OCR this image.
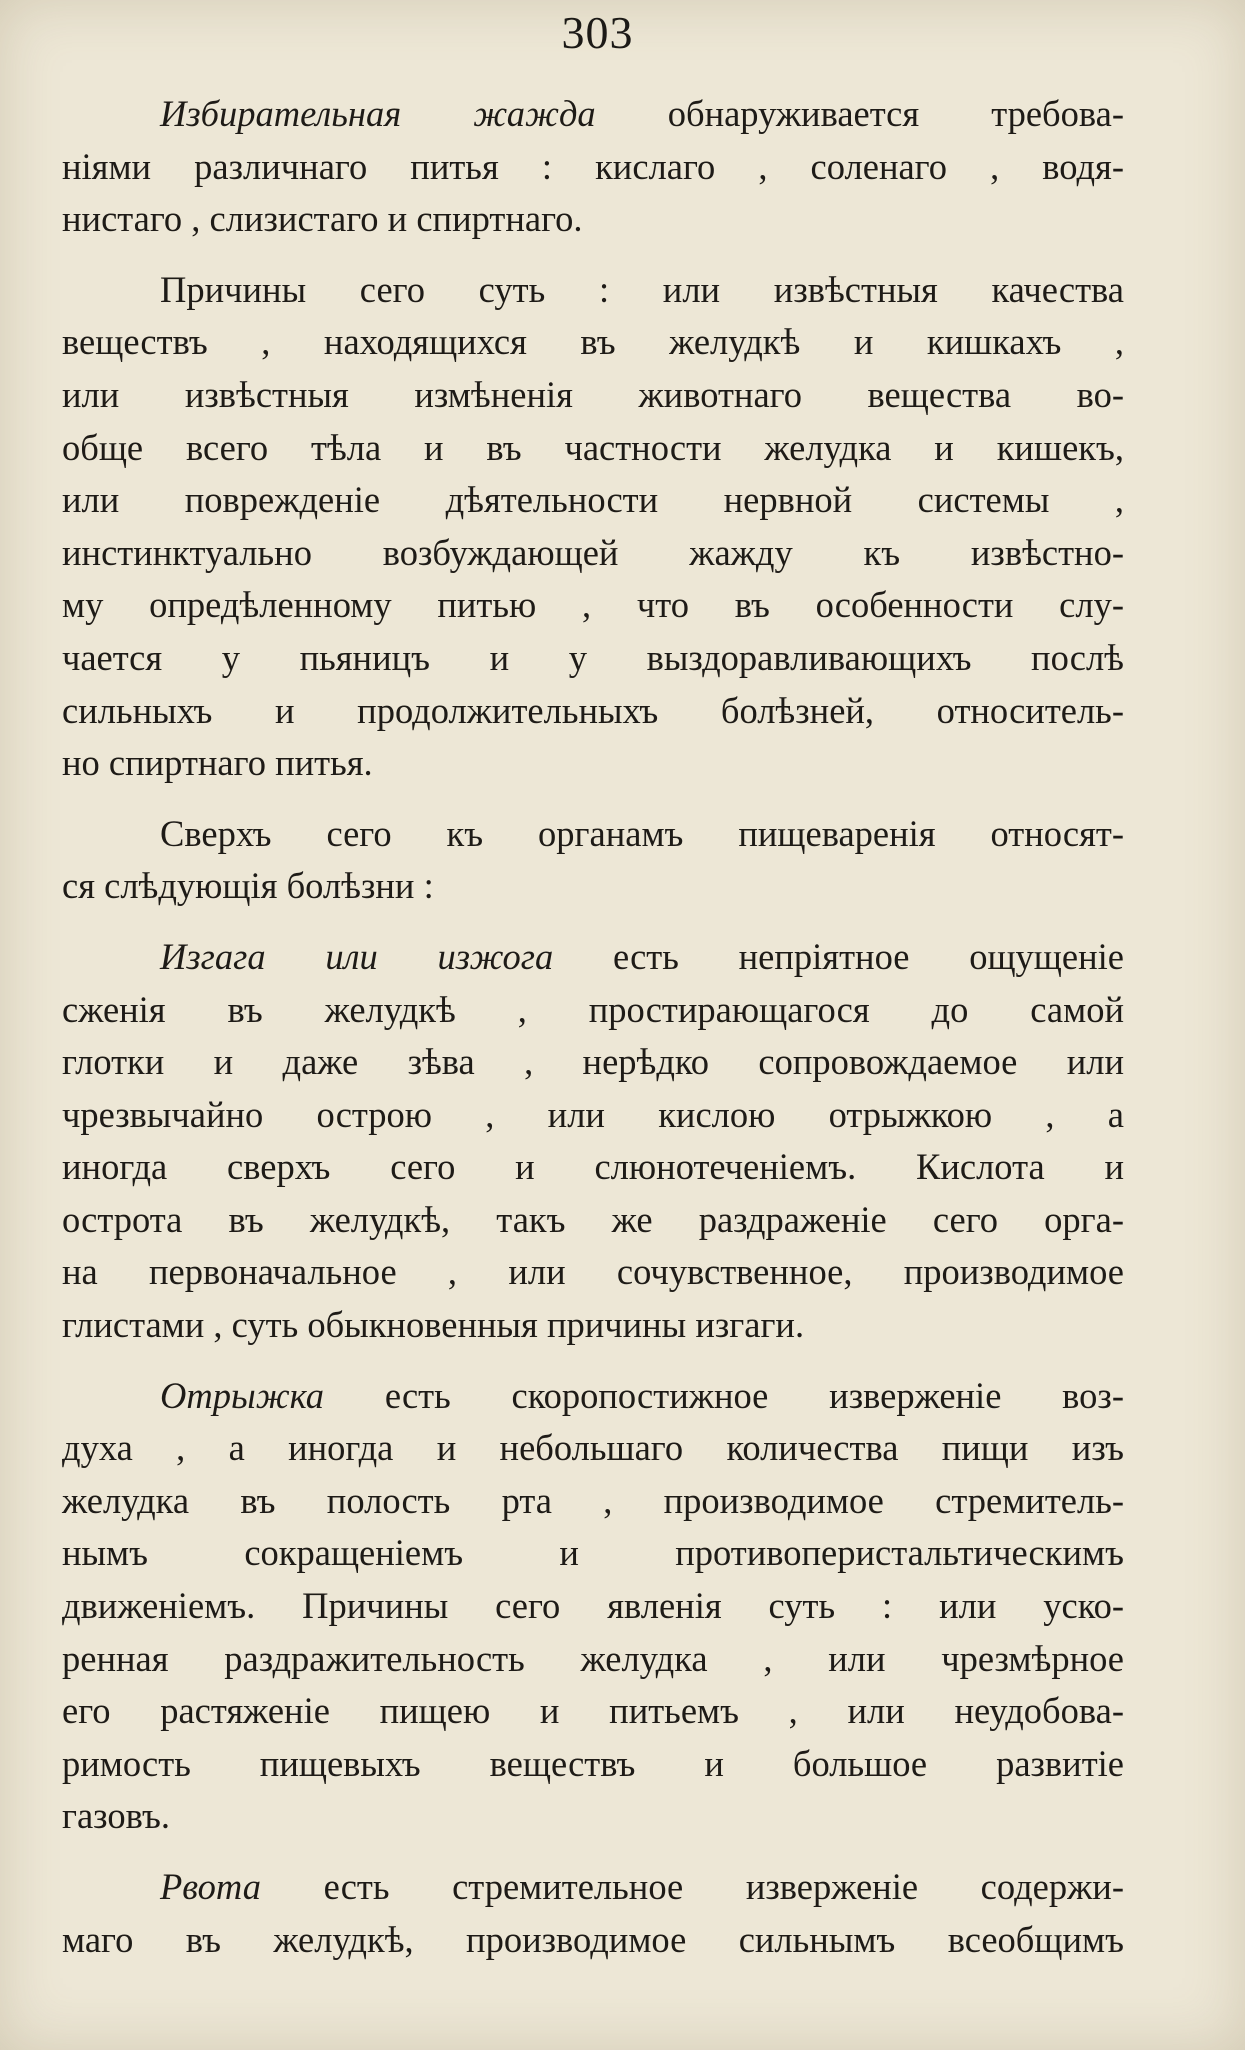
303
Избирательная жажда обнаруживается требова-
ніями различнаго питья : кислаго , соленаго , водя-
нистаго , слизистаго и спиртнаго.
Причины сего суть : или извѣстныя качества
веществъ , находящихся въ желудкѣ и кишкахъ ,
или извѣстныя измѣненія животнаго вещества во-
обще всего тѣла и въ частности желудка и кишекъ,
или поврежденіе дѣятельности нервной системы ,
инстинктуально возбуждающей жажду къ извѣстно-
му опредѣленному питью , что въ особенности слу-
чается у пьяницъ и у выздоравливающихъ послѣ
сильныхъ и продолжительныхъ болѣзней, относитель-
но спиртнаго питья.
Сверхъ сего къ органамъ пищеваренія относят-
ся слѣдующія болѣзни :
Изгага или изжога есть непріятное ощущеніе
сженія въ желудкѣ , простирающагося до самой
глотки и даже зѣва , нерѣдко сопровождаемое или
чрезвычайно острою , или кислою отрыжкою , а
иногда сверхъ сего и слюнотеченіемъ. Кислота и
острота въ желудкѣ, такъ же раздраженіе сего орга-
на первоначальное , или сочувственное, производимое
глистами , суть обыкновенныя причины изгаги.
Отрыжка есть скоропостижное изверженіе воз-
духа , а иногда и небольшаго количества пищи изъ
желудка въ полость рта , производимое стремитель-
нымъ сокращеніемъ и противоперистальтическимъ
движеніемъ. Причины сего явленія суть : или уско-
ренная раздражительность желудка , или чрезмѣрное
его растяженіе пищею и питьемъ , или неудобова-
римость пищевыхъ веществъ и большое развитіе
газовъ.
Рвота есть стремительное изверженіе содержи-
маго въ желудкѣ, производимое сильнымъ всеобщимъ
